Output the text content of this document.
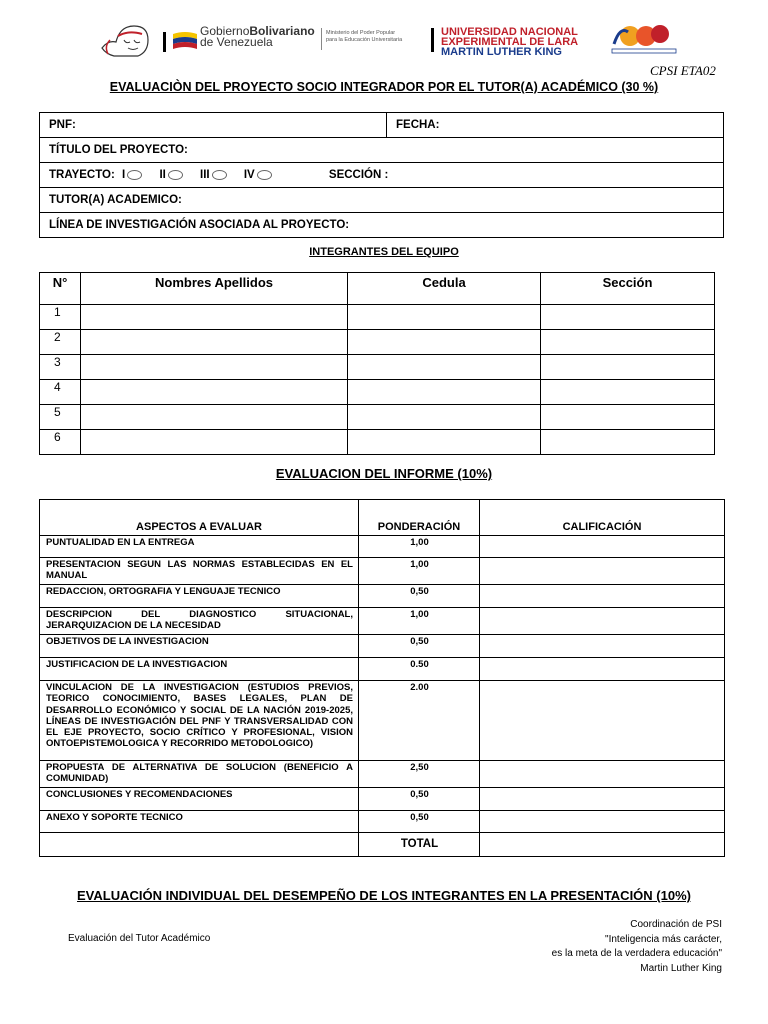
GobiernoBolivariano
de Venezuela
Ministerio del Poder Popular
para la Educación Universitaria
UNIVERSIDAD NACIONAL
EXPERIMENTAL DE LARA
MARTIN LUTHER KING
CPSI ETA02
EVALUACIÒN DEL PROYECTO SOCIO INTEGRADOR POR EL TUTOR(A) ACADÉMICO (30 %)
PNF:	FECHA:
TÍTULO DEL PROYECTO:
TRAYECTO: I	II	III	IV	SECCIÓN :
TUTOR(A) ACADEMICO:
LÍNEA DE INVESTIGACIÓN ASOCIADA AL PROYECTO:
INTEGRANTES DEL EQUIPO
N°	Nombres Apellidos	Cedula	Sección
1			
2			
3			
4			
5			
6			
EVALUACION DEL INFORME (10%)
ASPECTOS A EVALUAR	PONDERACIÓN	CALIFICACIÓN
PUNTUALIDAD EN LA ENTREGA	1,00	
PRESENTACION SEGUN LAS NORMAS ESTABLECIDAS EN EL MANUAL	1,00	
REDACCION, ORTOGRAFIA Y LENGUAJE TECNICO	0,50	
DESCRIPCION DEL DIAGNOSTICO SITUACIONAL, JERARQUIZACION DE LA NECESIDAD	1,00	
OBJETIVOS DE LA INVESTIGACION	0,50	
JUSTIFICACION DE LA INVESTIGACION	0.50	
VINCULACION DE LA INVESTIGACION (ESTUDIOS PREVIOS, TEORICO CONOCIMIENTO, BASES LEGALES, PLAN DE DESARROLLO ECONÓMICO Y SOCIAL DE LA NACIÓN 2019-2025, LÍNEAS DE INVESTIGACIÓN DEL PNF Y TRANSVERSALIDAD CON EL EJE PROYECTO, SOCIO CRÍTICO Y PROFESIONAL, VISION ONTOEPISTEMOLOGICA Y RECORRIDO METODOLOGICO)	2.00	
PROPUESTA DE ALTERNATIVA DE SOLUCION (BENEFICIO A COMUNIDAD)	2,50	
CONCLUSIONES Y RECOMENDACIONES	0,50	
ANEXO Y SOPORTE TECNICO	0,50	
	TOTAL	
EVALUACIÓN INDIVIDUAL DEL DESEMPEÑO DE LOS INTEGRANTES EN LA PRESENTACIÓN (10%)
Evaluación del Tutor Académico
Coordinación de PSI
"Inteligencia más carácter,
es la meta de la verdadera educación"
Martin Luther King
